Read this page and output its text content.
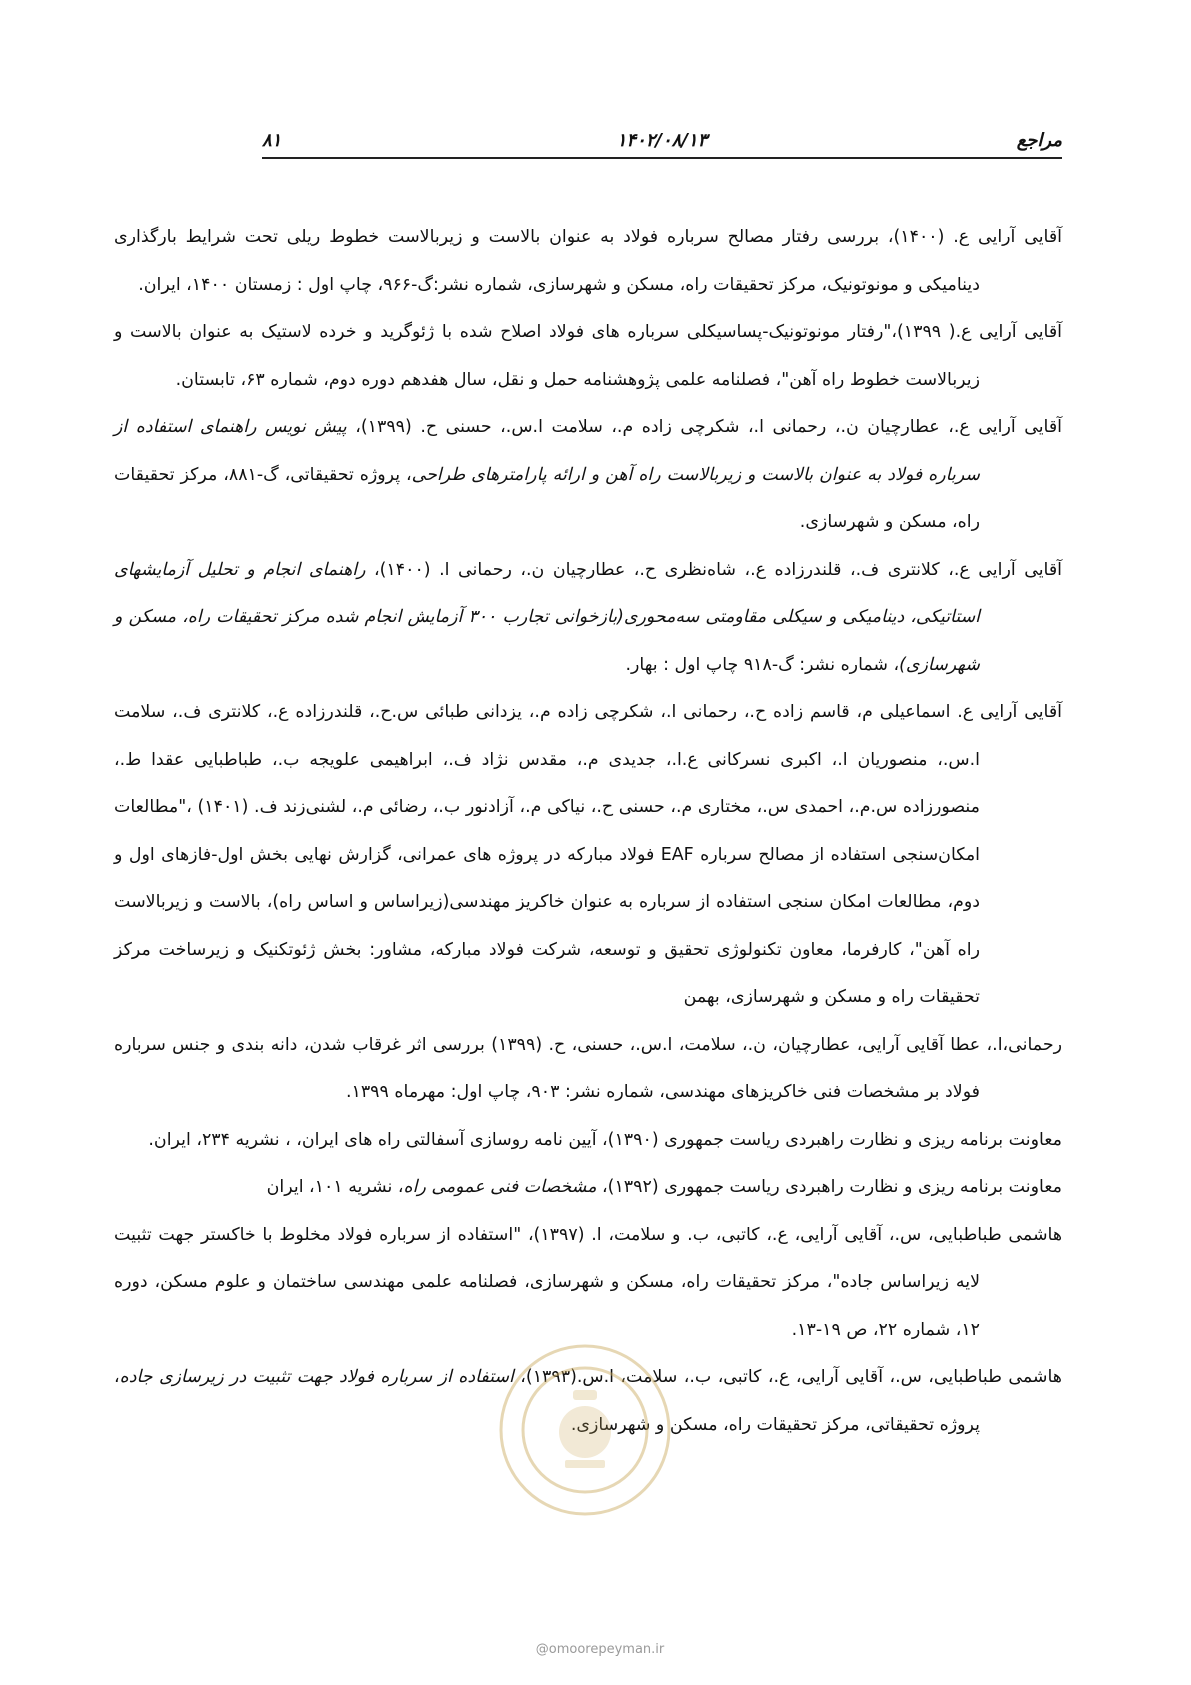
۸۱	۱۴۰۲/۰۸/۱۳	مراجع

آقایی آرایی ع. (۱۴۰۰)، بررسی رفتار مصالح سرباره فولاد به عنوان بالاست و زیربالاست خطوط ریلی تحت شرایط بارگذاری دینامیکی و مونوتونیک، مرکز تحقیقات راه، مسکن و شهرسازی، شماره نشر:گ-۹۶۶، چاپ اول : زمستان ۱۴۰۰، ایران.

آقایی آرایی ع.( ۱۳۹۹)،"رفتار مونوتونیک-پساسیکلی سرباره های فولاد اصلاح شده با ژئوگرید و خرده لاستیک به عنوان بالاست و زیربالاست خطوط راه آهن"، فصلنامه علمی پژوهشنامه حمل و نقل، سال هفدهم دوره دوم، شماره ۶۳، تابستان.

آقایی آرایی ع.، عطارچیان ن.، رحمانی ا.، شکرچی زاده م.، سلامت ا.س.، حسنی ح. (۱۳۹۹)، پیش نویس راهنمای استفاده از سرباره فولاد به عنوان بالاست و زیربالاست راه آهن و ارائه پارامترهای طراحی، پروژه تحقیقاتی، گ-۸۸۱، مرکز تحقیقات راه، مسکن و شهرسازی.

آقایی آرایی ع.، کلانتری ف.، قلندرزاده ع.، شاه‌نظری ح.، عطارچیان ن.، رحمانی ا. (۱۴۰۰)، راهنمای انجام و تحلیل آزمایشهای استاتیکی، دینامیکی و سیکلی مقاومتی سه‌محوری(بازخوانی تجارب ۳۰۰ آزمایش انجام شده مرکز تحقیقات راه، مسکن و شهرسازی)، شماره نشر: گ-۹۱۸ چاپ اول : بهار.

آقایی آرایی ع. اسماعیلی م، قاسم زاده ح.، رحمانی ا.، شکرچی زاده م.، یزدانی طبائی س.ح.، قلندرزاده ع.، کلانتری ف.، سلامت ا.س.، منصوریان ا.، اکبری نسرکانی ع.ا.، جدیدی م.، مقدس نژاد ف.، ابراهیمی علویجه ب.، طباطبایی عقدا ط.، منصورزاده س.م.، احمدی س.، مختاری م.، حسنی ح.، نیاکی م.، آزادنور ب.، رضائی م.، لشنی‌زند ف. (۱۴۰۱) ،"مطالعات امکان‌سنجی استفاده از مصالح سرباره EAF فولاد مبارکه در پروژه های عمرانی، گزارش نهایی بخش اول-فازهای اول و دوم، مطالعات امکان سنجی استفاده از سرباره به عنوان خاکریز مهندسی(زیراساس و اساس راه)، بالاست و زیربالاست راه آهن"، کارفرما، معاون تکنولوژی تحقیق و توسعه، شرکت فولاد مبارکه، مشاور: بخش ژئوتکنیک و زیرساخت مرکز تحقیقات راه و مسکن و شهرسازی، بهمن

رحمانی،ا.، عطا آقایی آرایی، عطارچیان، ن.، سلامت، ا.س.، حسنی، ح. (۱۳۹۹) بررسی اثر غرقاب شدن، دانه بندی و جنس سرباره فولاد بر مشخصات فنی خاکریزهای مهندسی، شماره نشر: ۹۰۳، چاپ اول: مهرماه ۱۳۹۹.

معاونت برنامه ریزی و نظارت راهبردی ریاست جمهوری (۱۳۹۰)، آیین نامه روسازی آسفالتی راه های ایران، ، نشریه ۲۳۴، ایران.

معاونت برنامه ریزی و نظارت راهبردی ریاست جمهوری (۱۳۹۲)، مشخصات فنی عمومی راه، نشریه ۱۰۱، ایران

هاشمی طباطبایی، س.، آقایی آرایی، ع.، کاتبی، ب. و سلامت، ا. (۱۳۹۷)، "استفاده از سرباره فولاد مخلوط با خاکستر جهت تثبیت لایه زیراساس جاده"، مرکز تحقیقات راه، مسکن و شهرسازی، فصلنامه علمی مهندسی ساختمان و علوم مسکن، دوره ۱۲، شماره ۲۲، ص ۱۹-۱۳.

هاشمی طباطبایی، س.، آقایی آرایی، ع.، کاتبی، ب.، سلامت، ا.س.(۱۳۹۳)، استفاده از سرباره فولاد جهت تثبیت در زیرسازی جاده، پروژه تحقیقاتی، مرکز تحقیقات راه، مسکن و شهرسازی.

@omoorepeyman.ir
